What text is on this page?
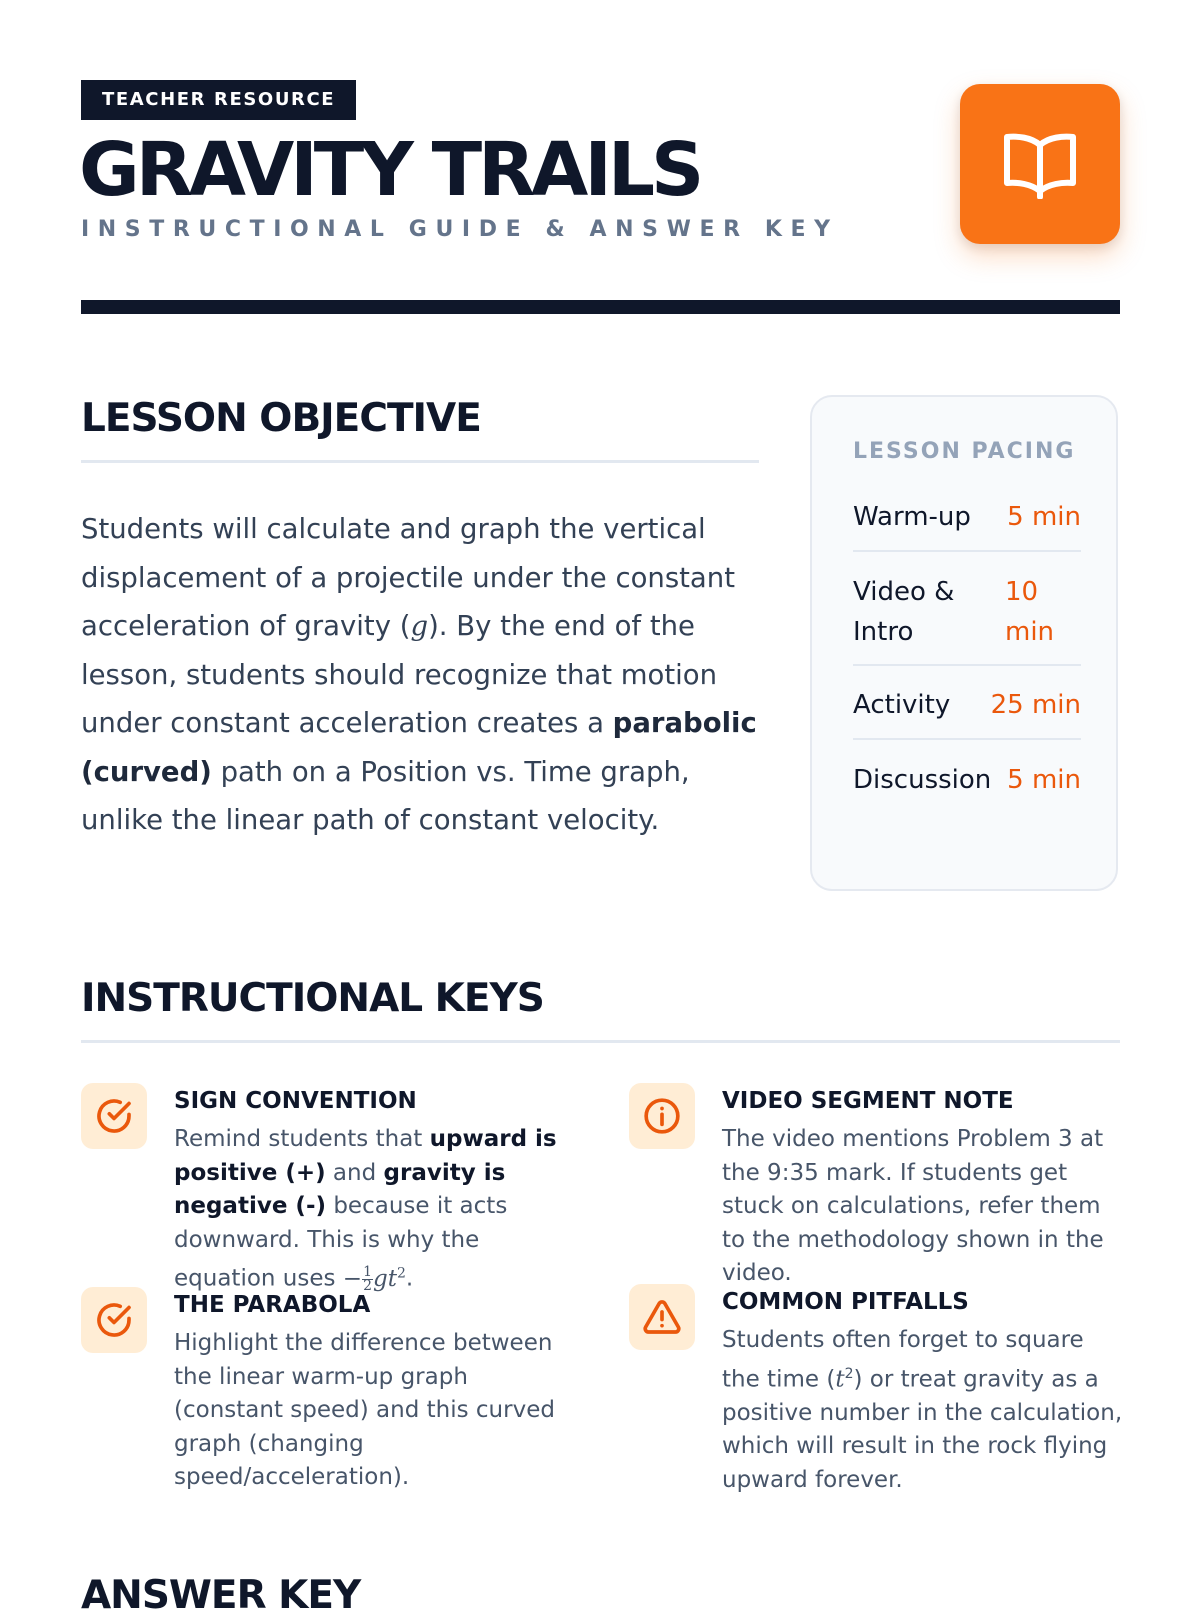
TEACHER RESOURCE
GRAVITY TRAILS
INSTRUCTIONAL GUIDE & ANSWER KEY
LESSON OBJECTIVE

Students will calculate and graph the vertical displacement of a projectile under the constant acceleration of gravity (g). By the end of the lesson, students should recognize that motion under constant acceleration creates a parabolic (curved) path on a Position vs. Time graph, unlike the linear path of constant velocity.

LESSON PACING
Warm-up 5 min
Video & Intro
10 min
Activity 25 min
Discussion 5 min
INSTRUCTIONAL KEYS
SIGN CONVENTION

Remind students that upward is positive (+) and gravity is negative (-) because it acts downward. This is why the equation uses − $\frac{1}{2} gt^2$.

VIDEO SEGMENT NOTE

The video mentions Problem 3 at the 9:35 mark. If students get stuck on calculations, refer them to the methodology shown in the video.

THE PARABOLA

Highlight the difference between the linear warm-up graph (constant speed) and this curved graph (changing speed/acceleration).

COMMON PITFALLS

Students often forget to square the time $(t^2)$ or treat gravity as a positive number in the calculation, which will result in the rock flying upward forever.

ANSWER KEY
